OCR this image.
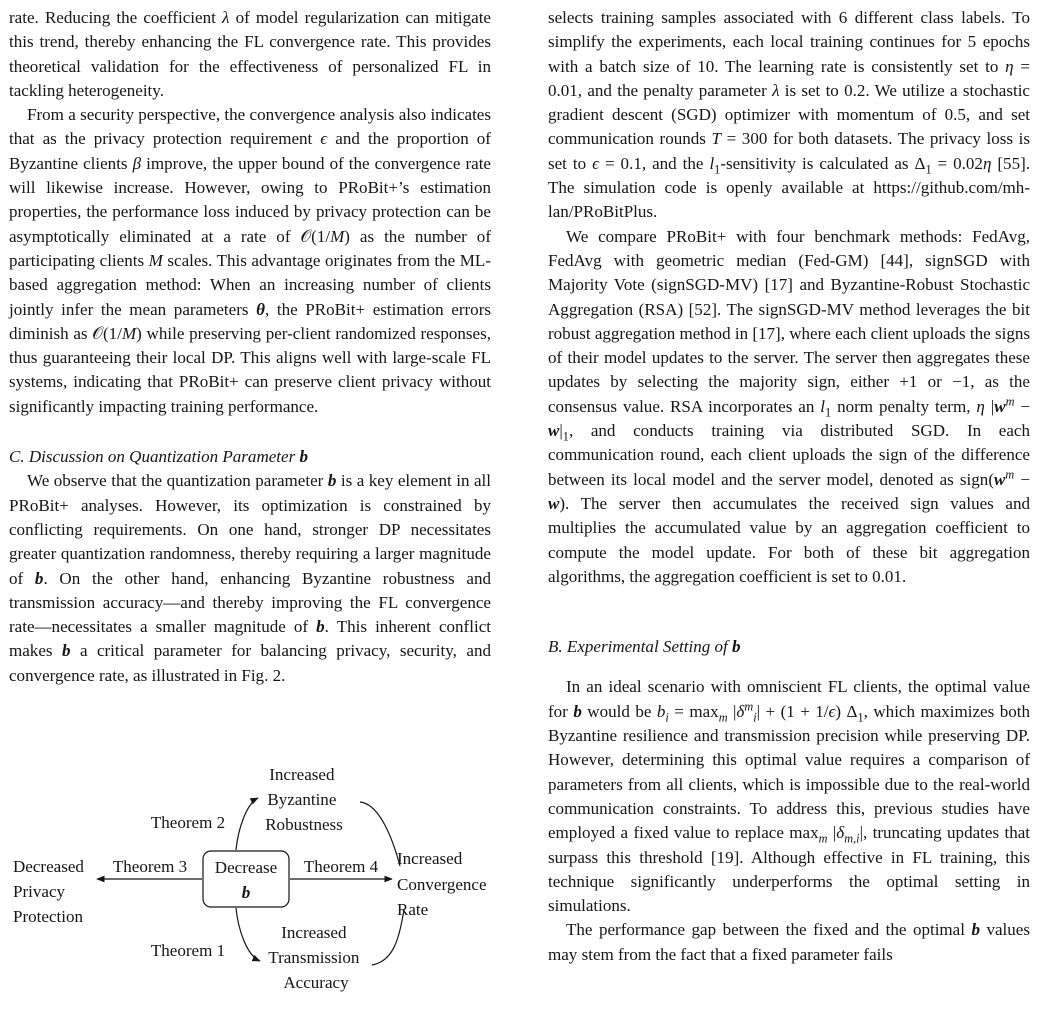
rate. Reducing the coefficient λ of model regularization can mitigate this trend, thereby enhancing the FL convergence rate. This provides theoretical validation for the effectiveness of personalized FL in tackling heterogeneity.

From a security perspective, the convergence analysis also indicates that as the privacy protection requirement ϵ and the proportion of Byzantine clients β improve, the upper bound of the convergence rate will likewise increase. However, owing to PRoBit+’s estimation properties, the performance loss induced by privacy protection can be asymptotically eliminated at a rate of 𝒪(1/M) as the number of participating clients M scales. This advantage originates from the ML-based aggregation method: When an increasing number of clients jointly infer the mean parameters θ, the PRoBit+ estimation errors diminish as 𝒪(1/M) while preserving per-client randomized responses, thus guaranteeing their local DP. This aligns well with large-scale FL systems, indicating that PRoBit+ can preserve client privacy without significantly impacting training performance.

C. Discussion on Quantization Parameter b

We observe that the quantization parameter b is a key element in all PRoBit+ analyses. However, its optimization is constrained by conflicting requirements. On one hand, stronger DP necessitates greater quantization randomness, thereby requiring a larger magnitude of b. On the other hand, enhancing Byzantine robustness and transmission accuracy—and thereby improving the FL convergence rate—necessitates a smaller magnitude of b. This inherent conflict makes b a critical parameter for balancing privacy, security, and convergence rate, as illustrated in Fig. 2.

selects training samples associated with 6 different class labels. To simplify the experiments, each local training continues for 5 epochs with a batch size of 10. The learning rate is consistently set to η = 0.01, and the penalty parameter λ is set to 0.2. We utilize a stochastic gradient descent (SGD) optimizer with momentum of 0.5, and set communication rounds T = 300 for both datasets. The privacy loss is set to ϵ = 0.1, and the $l_1$-sensitivity is calculated as $\Delta_1 = 0.02\eta$ [55]. The simulation code is openly available at https://github.com/mh-lan/PRoBitPlus.

We compare PRoBit+ with four benchmark methods: FedAvg, FedAvg with geometric median (Fed-GM) [44], signSGD with Majority Vote (signSGD-MV) [17] and Byzantine-Robust Stochastic Aggregation (RSA) [52]. The signSGD-MV method leverages the bit robust aggregation method in [17], where each client uploads the signs of their model updates to the server. The server then aggregates these updates by selecting the majority sign, either +1 or −1, as the consensus value. RSA incorporates an $l_1$ norm penalty term, η $|w^m - w|_1$, and conducts training via distributed SGD. In each communication round, each client uploads the sign of the difference between its local model and the server model, denoted as $sign(w^m - w)$. The server then accumulates the received sign values and multiplies the accumulated value by an aggregation coefficient to compute the model update. For both of these bit aggregation algorithms, the aggregation coefficient is set to 0.01.

B. Experimental Setting of b

In an ideal scenario with omniscient FL clients, the optimal value for b would be $b_i = \max_m |\delta^m_i| + (1 + 1/\epsilon)$ $\Delta_1$, which maximizes both Byzantine resilience and transmission precision while preserving DP. However, determining this optimal value requires a comparison of parameters from all clients, which is impossible due to the real-world communication constraints. To address this, previous studies have employed a fixed value to replace $\max_m |\delta_{m,i}|$, truncating updates that surpass this threshold [19]. Although effective in FL training, this technique significantly underperforms the optimal setting in simulations.

The performance gap between the fixed and the optimal b values may stem from the fact that a fixed parameter fails

Decrease
b
Theorem 3	Theorem 4
Theorem 2
Theorem 1
Increased Byzantine Robustness
Increased Transmission Accuracy
Decreased Privacy Protection
Increased Convergence Rate
